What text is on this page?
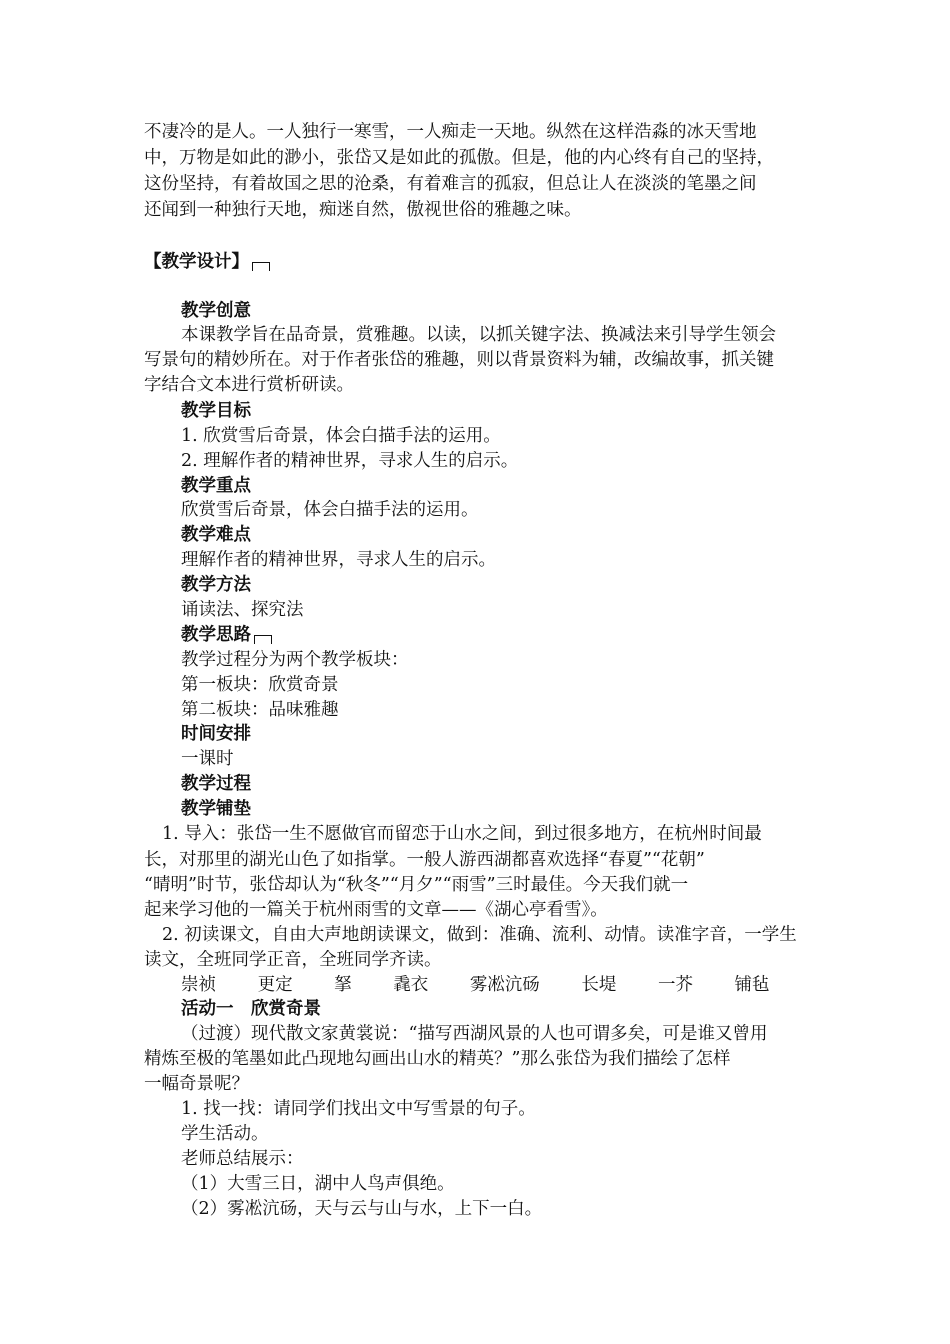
不凄冷的是人。一人独行一寒雪，一人痴走一天地。纵然在这样浩淼的冰天雪地

中，万物是如此的渺小，张岱又是如此的孤傲。但是，他的内心终有自己的坚持，

这份坚持，有着故国之思的沧桑，有着难言的孤寂，但总让人在淡淡的笔墨之间

还闻到一种独行天地，痴迷自然，傲视世俗的雅趣之味。

【教学设计】
教学创意

本课教学旨在品奇景，赏雅趣。以读，以抓关键字法、换减法来引导学生领会

写景句的精妙所在。对于作者张岱的雅趣，则以背景资料为辅，改编故事，抓关键

字结合文本进行赏析研读。

教学目标

1. 欣赏雪后奇景，体会白描手法的运用。

2. 理解作者的精神世界，寻求人生的启示。

教学重点

欣赏雪后奇景，体会白描手法的运用。

教学难点

理解作者的精神世界，寻求人生的启示。

教学方法

诵读法、探究法

教学思路

教学过程分为两个教学板块：

第一板块：欣赏奇景

第二板块：品味雅趣

时间安排

一课时

教学过程
教学铺垫

1. 导入：张岱一生不愿做官而留恋于山水之间，到过很多地方，在杭州时间最

长，对那里的湖光山色了如指掌。一般人游西湖都喜欢选择“春夏”“花朝”

“晴明”时节，张岱却认为“秋冬”“月夕”“雨雪”三时最佳。今天我们就一

起来学习他的一篇关于杭州雨雪的文章——《湖心亭看雪》。

2. 初读课文，自由大声地朗读课文，做到：准确、流利、动情。读准字音，一学生

读文，全班同学正音，全班同学齐读。

崇祯 更定 拏 毳衣 雾凇沆砀 长堤 一芥 铺毡
活动一　欣赏奇景

（过渡）现代散文家黄裳说：“描写西湖风景的人也可谓多矣，可是谁又曾用

精炼至极的笔墨如此凸现地勾画出山水的精英？”那么张岱为我们描绘了怎样

一幅奇景呢？

1. 找一找：请同学们找出文中写雪景的句子。

学生活动。

老师总结展示：

（1）大雪三日，湖中人鸟声俱绝。

（2）雾凇沆砀，天与云与山与水，上下一白。
